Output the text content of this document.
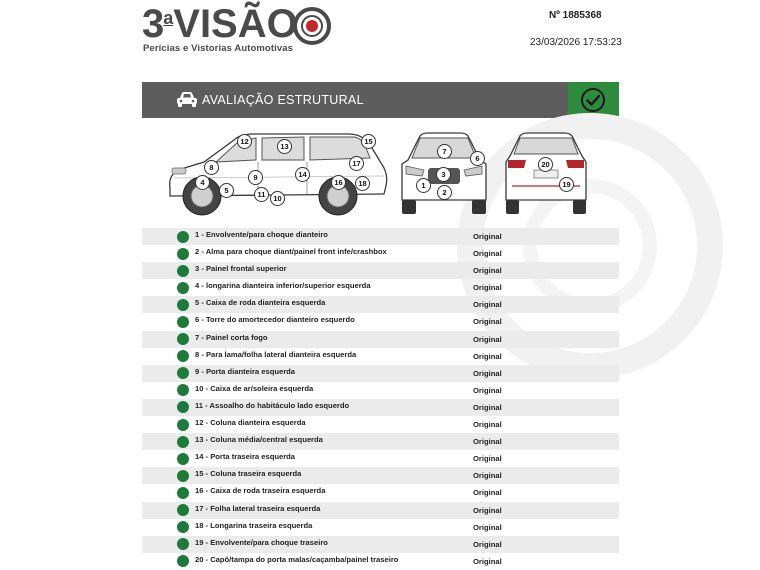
3 a VISÃO
Perícias e Vistorias Automotivas
Nº 1885368
23/03/2026 17:53:23
AVALIAÇÃO ESTRUTURAL
12
13
15
8	17
9	14
4	16	18
5	11	10
7
6
3
1
2
20
19
1 - Envolvente/para choque dianteiro	Original
2 - Alma para choque diant/painel front infe/crashbox	Original
3 - Painel frontal superior	Original
4 - longarina dianteira inferior/superior esquerda	Original
5 - Caixa de roda dianteira esquerda	Original
6 - Torre do amortecedor dianteiro esquerdo	Original
7 - Painel corta fogo	Original
8 - Para lama/folha lateral dianteira esquerda	Original
9 - Porta dianteira esquerda	Original
10 - Caixa de ar/soleira esquerda	Original
11 - Assoalho do habitáculo lado esquerdo	Original
12 - Coluna dianteira esquerda	Original
13 - Coluna média/central esquerda	Original
14 - Porta traseira esquerda	Original
15 - Coluna traseira esquerda	Original
16 - Caixa de roda traseira esquerda	Original
17 - Folha lateral traseira esquerda	Original
18 - Longarina traseira esquerda	Original
19 - Envolvente/para choque traseiro	Original
20 - Capô/tampa do porta malas/caçamba/painel traseiro	Original
